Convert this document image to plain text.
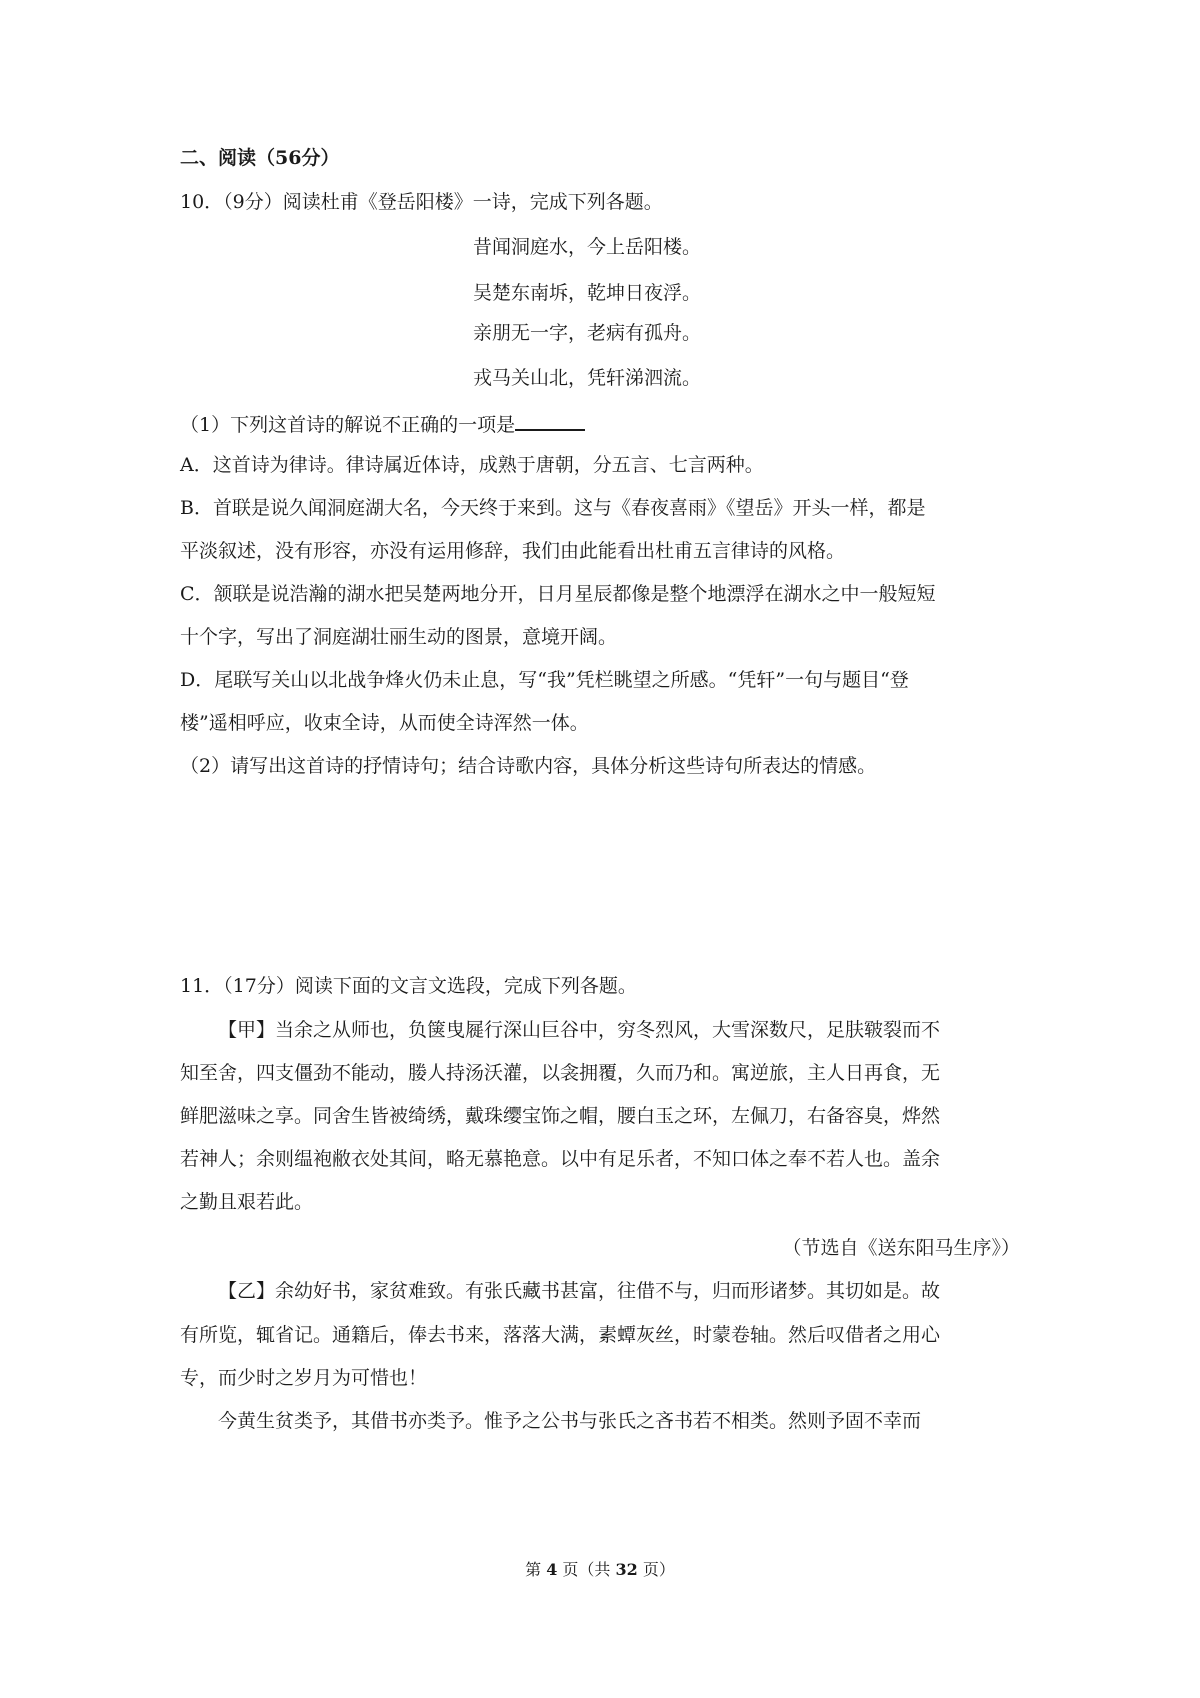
二、阅读（56分）
10．（9分）阅读杜甫《登岳阳楼》一诗，完成下列各题。
昔闻洞庭水，今上岳阳楼。
吴楚东南坼，乾坤日夜浮。
亲朋无一字，老病有孤舟。
戎马关山北，凭轩涕泗流。
（1）下列这首诗的解说不正确的一项是
A．这首诗为律诗。律诗属近体诗，成熟于唐朝，分五言、七言两种。
B．首联是说久闻洞庭湖大名，今天终于来到。这与《春夜喜雨》《望岳》开头一样，都是
平淡叙述，没有形容，亦没有运用修辞，我们由此能看出杜甫五言律诗的风格。
C．颔联是说浩瀚的湖水把吴楚两地分开，日月星辰都像是整个地漂浮在湖水之中一般短短
十个字，写出了洞庭湖壮丽生动的图景，意境开阔。
D．尾联写关山以北战争烽火仍未止息，写“我”凭栏眺望之所感。“凭轩”一句与题目“登
楼”遥相呼应，收束全诗，从而使全诗浑然一体。
（2）请写出这首诗的抒情诗句；结合诗歌内容，具体分析这些诗句所表达的情感。
11．（17分）阅读下面的文言文选段，完成下列各题。
【甲】当余之从师也，负箧曳屣行深山巨谷中，穷冬烈风，大雪深数尺，足肤皲裂而不
知至舍，四支僵劲不能动，媵人持汤沃灌，以衾拥覆，久而乃和。寓逆旅，主人日再食，无
鲜肥滋味之享。同舍生皆被绮绣，戴珠缨宝饰之帽，腰白玉之环，左佩刀，右备容臭，烨然
若神人；余则缊袍敝衣处其间，略无慕艳意。以中有足乐者，不知口体之奉不若人也。盖余
之勤且艰若此。
（节选自《送东阳马生序》）
【乙】余幼好书，家贫难致。有张氏藏书甚富，往借不与，归而形诸梦。其切如是。故
有所览，辄省记。通籍后，俸去书来，落落大满，素蟫灰丝，时蒙卷轴。然后叹借者之用心
专，而少时之岁月为可惜也！
今黄生贫类予，其借书亦类予。惟予之公书与张氏之吝书若不相类。然则予固不幸而
第 4 页（共 32 页）
